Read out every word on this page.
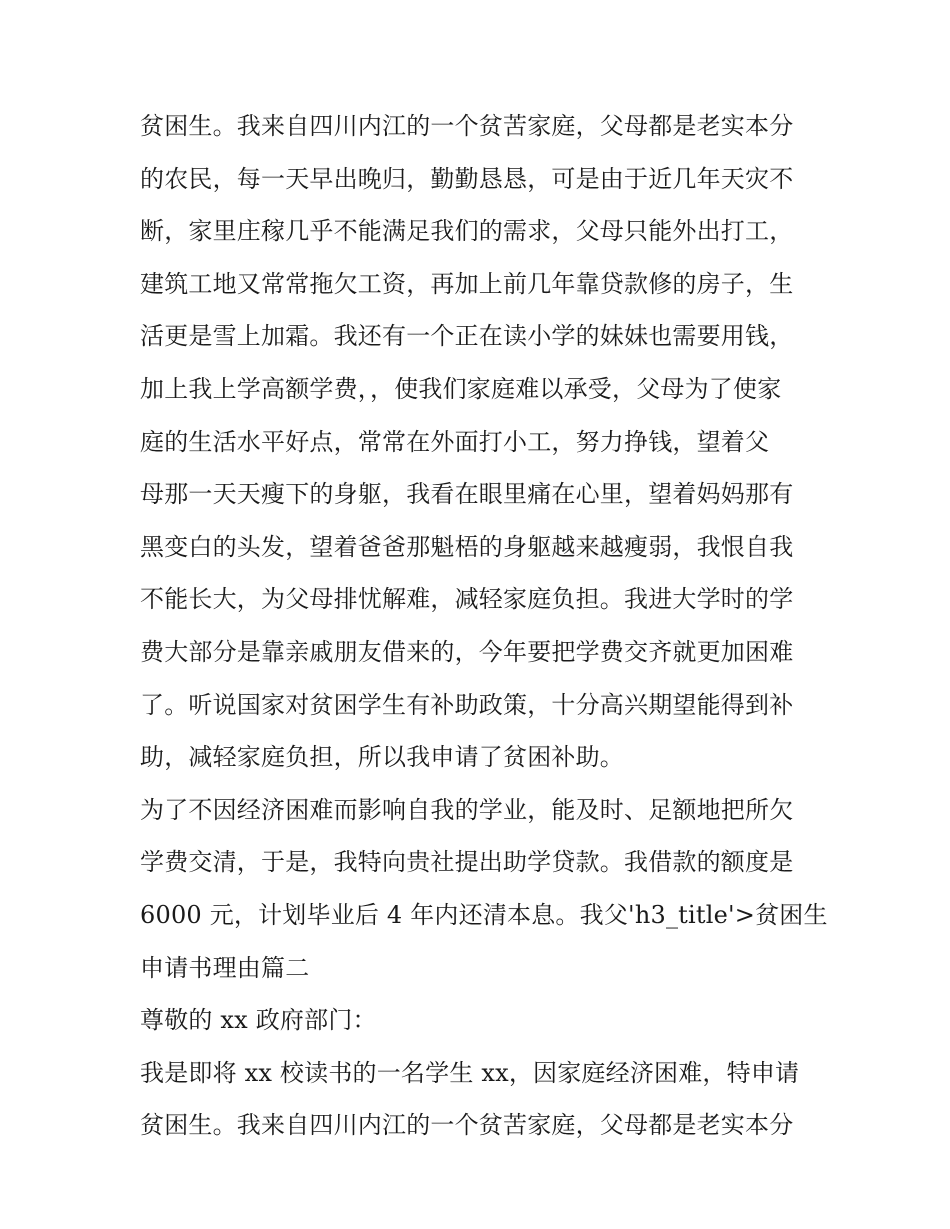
贫困生。我来自四川内江的一个贫苦家庭，父母都是老实本分
的农民，每一天早出晚归，勤勤恳恳，可是由于近几年天灾不
断，家里庄稼几乎不能满足我们的需求，父母只能外出打工，
建筑工地又常常拖欠工资，再加上前几年靠贷款修的房子，生
活更是雪上加霜。我还有一个正在读小学的妹妹也需要用钱，
加上我上学高额学费，，使我们家庭难以承受，父母为了使家
庭的生活水平好点，常常在外面打小工，努力挣钱，望着父
母那一天天瘦下的身躯，我看在眼里痛在心里，望着妈妈那有
黑变白的头发，望着爸爸那魁梧的身躯越来越瘦弱，我恨自我
不能长大，为父母排忧解难，减轻家庭负担。我进大学时的学
费大部分是靠亲戚朋友借来的，今年要把学费交齐就更加困难
了。听说国家对贫困学生有补助政策，十分高兴期望能得到补
助，减轻家庭负担，所以我申请了贫困补助。
为了不因经济困难而影响自我的学业，能及时、足额地把所欠
学费交清，于是，我特向贵社提出助学贷款。我借款的额度是
6000 元，计划毕业后 4 年内还清本息。我父'h3_title'>贫困生
申请书理由篇二
尊敬的 xx 政府部门：
我是即将 xx 校读书的一名学生 xx，因家庭经济困难，特申请
贫困生。我来自四川内江的一个贫苦家庭，父母都是老实本分
